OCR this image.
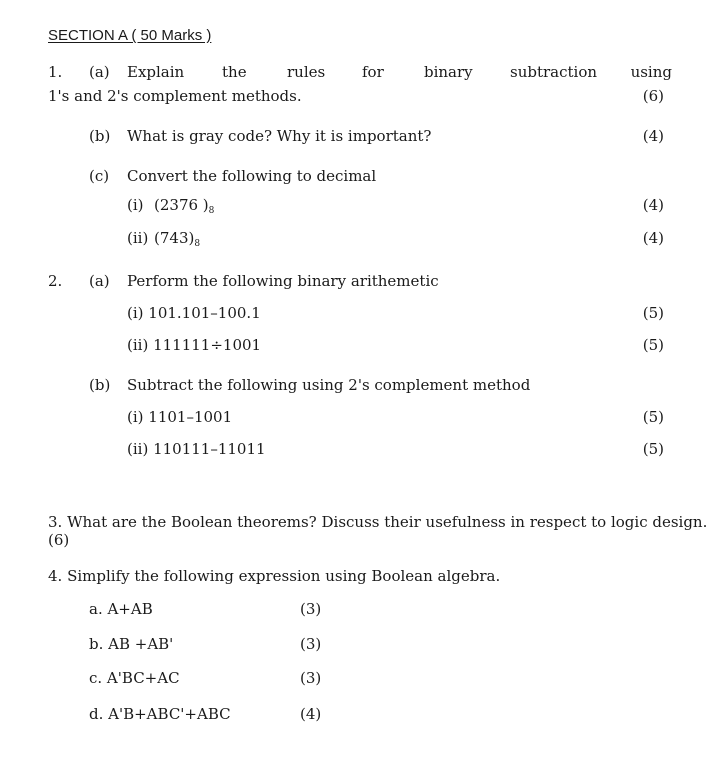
SECTION A ( 50 Marks )
1. (a) Explain	the	rules for	binary subtraction using
1's and 2's complement methods.	(6)
(b) What is gray code? Why it is important?	(4)
(c) Convert the following to decimal
(i) (2376 )$_8$	(4)
(ii) $(743)_8$	(4)
2. (a) Perform the following binary arithemetic
(i) 101.101–100.1	(5)
(ii) 111111÷1001	(5)
(b) Subtract the following using 2's complement method
(i) 1101–1001	(5)
(ii) 110111–11011	(5)
3. What are the Boolean theorems? Discuss their usefulness in respect to logic design.
(6)
4. Simplify the following expression using Boolean algebra.
a. A+AB	(3)
b. AB +AB'	(3)
c. A'BC+AC	(3)
d. A'B+ABC'+ABC	(4)
